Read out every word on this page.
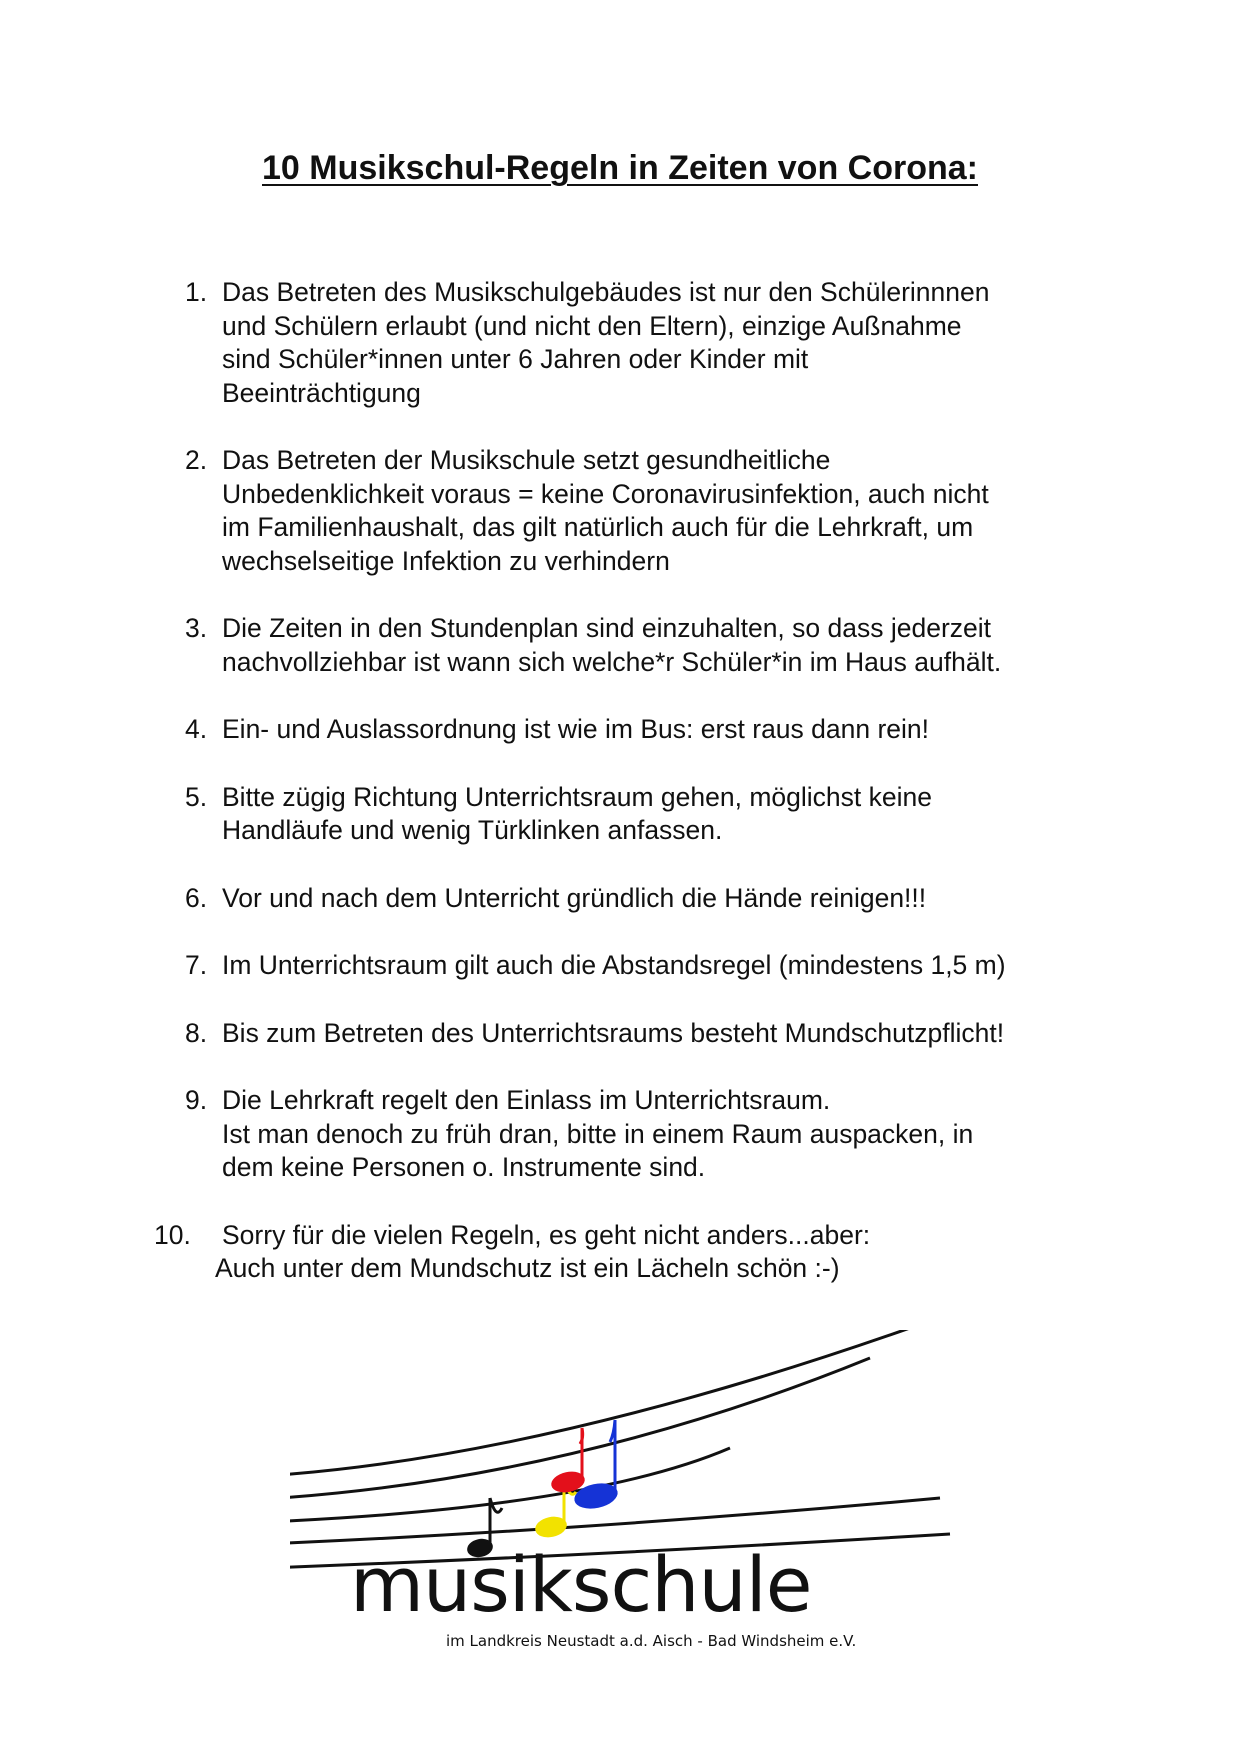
10 Musikschul-Regeln in Zeiten von Corona:
1. Das Betreten des Musikschulgebäudes ist nur den Schülerinnnen
und Schülern erlaubt (und nicht den Eltern), einzige Außnahme
sind Schüler*innen unter 6 Jahren oder Kinder mit
Beeinträchtigung
2. Das Betreten der Musikschule setzt gesundheitliche
Unbedenklichkeit voraus = keine Coronavirusinfektion, auch nicht
im Familienhaushalt, das gilt natürlich auch für die Lehrkraft, um
wechselseitige Infektion zu verhindern
3. Die Zeiten in den Stundenplan sind einzuhalten, so dass jederzeit
nachvollziehbar ist wann sich welche*r Schüler*in im Haus aufhält.
4. Ein- und Auslassordnung ist wie im Bus: erst raus dann rein!
5. Bitte zügig Richtung Unterrichtsraum gehen, möglichst keine
Handläufe und wenig Türklinken anfassen.
6. Vor und nach dem Unterricht gründlich die Hände reinigen!!!
7. Im Unterrichtsraum gilt auch die Abstandsregel (mindestens 1,5 m)
8. Bis zum Betreten des Unterrichtsraums besteht Mundschutzpflicht!
9. Die Lehrkraft regelt den Einlass im Unterrichtsraum.
Ist man denoch zu früh dran, bitte in einem Raum auspacken, in
dem keine Personen o. Instrumente sind.
10. Sorry für die vielen Regeln, es geht nicht anders...aber:
Auch unter dem Mundschutz ist ein Lächeln schön :-)
musikschule
im Landkreis Neustadt a.d. Aisch - Bad Windsheim e.V.
